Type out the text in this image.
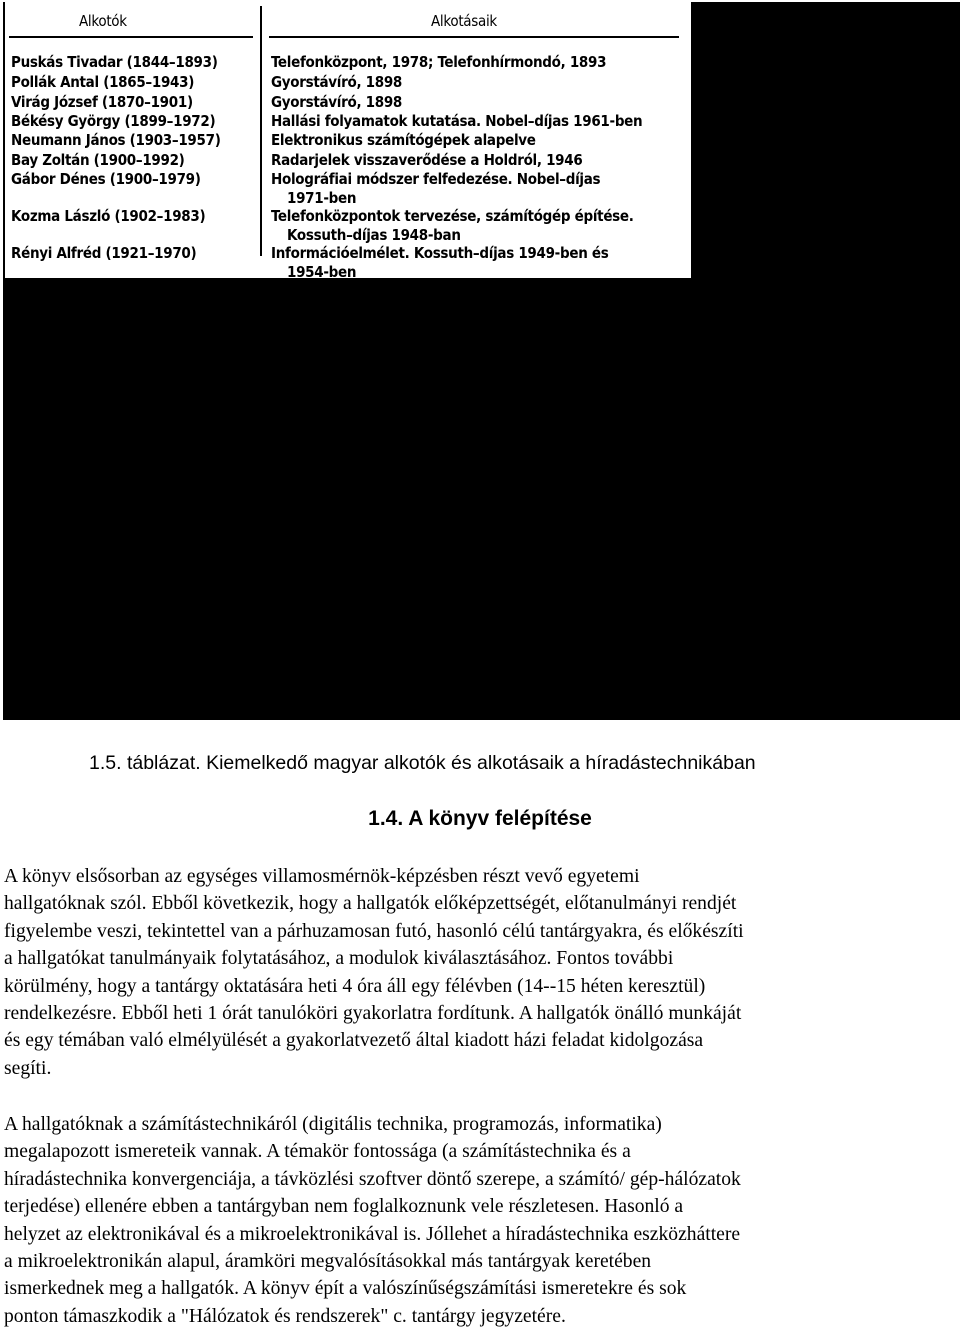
Alkotók	Alkotásaik
Puskás Tivadar (1844–1893)
Pollák Antal (1865–1943)
Virág József (1870–1901)
Békésy György (1899–1972)
Neumann János (1903–1957)
Bay Zoltán (1900–1992)
Gábor Dénes (1900–1979)
Kozma László (1902–1983)
Rényi Alfréd (1921–1970)
Telefonközpont, 1978; Telefonhírmondó, 1893
Gyorstávíró, 1898
Gyorstávíró, 1898
Hallási folyamatok kutatása. Nobel–díjas 1961-ben
Elektronikus számítógépek alapelve
Radarjelek visszaverődése a Holdról, 1946
Holográfiai módszer felfedezése. Nobel–díjas
1971-ben
Telefonközpontok tervezése, számítógép építése.
Kossuth–díjas 1948-ban
Információelmélet. Kossuth–díjas 1949-ben és
1954-ben
1.5. táblázat. Kiemelkedő magyar alkotók és alkotásaik a híradástechnikában
1.4. A könyv felépítése

A könyv elsősorban az egységes villamosmérnök-képzésben részt vevő egyetemi
hallgatóknak szól. Ebből következik, hogy a hallgatók előképzettségét, előtanulmányi rendjét
figyelembe veszi, tekintettel van a párhuzamosan futó, hasonló célú tantárgyakra, és előkészíti
a hallgatókat tanulmányaik folytatásához, a modulok kiválasztásához. Fontos további
körülmény, hogy a tantárgy oktatására heti 4 óra áll egy félévben (14--15 héten keresztül)
rendelkezésre. Ebből heti 1 órát tanulóköri gyakorlatra fordítunk. A hallgatók önálló munkáját
és egy témában való elmélyülését a gyakorlatvezető által kiadott házi feladat kidolgozása
segíti.

A hallgatóknak a számítástechnikáról (digitális technika, programozás, informatika)
megalapozott ismereteik vannak. A témakör fontossága (a számítástechnika és a
híradástechnika konvergenciája, a távközlési szoftver döntő szerepe, a számító/ gép-hálózatok
terjedése) ellenére ebben a tantárgyban nem foglalkoznunk vele részletesen. Hasonló a
helyzet az elektronikával és a mikroelektronikával is. Jóllehet a híradástechnika eszközháttere
a mikroelektronikán alapul, áramköri megvalósításokkal más tantárgyak keretében
ismerkednek meg a hallgatók. A könyv épít a valószínűségszámítási ismeretekre és sok
ponton támaszkodik a "Hálózatok és rendszerek" c. tantárgy jegyzetére.
